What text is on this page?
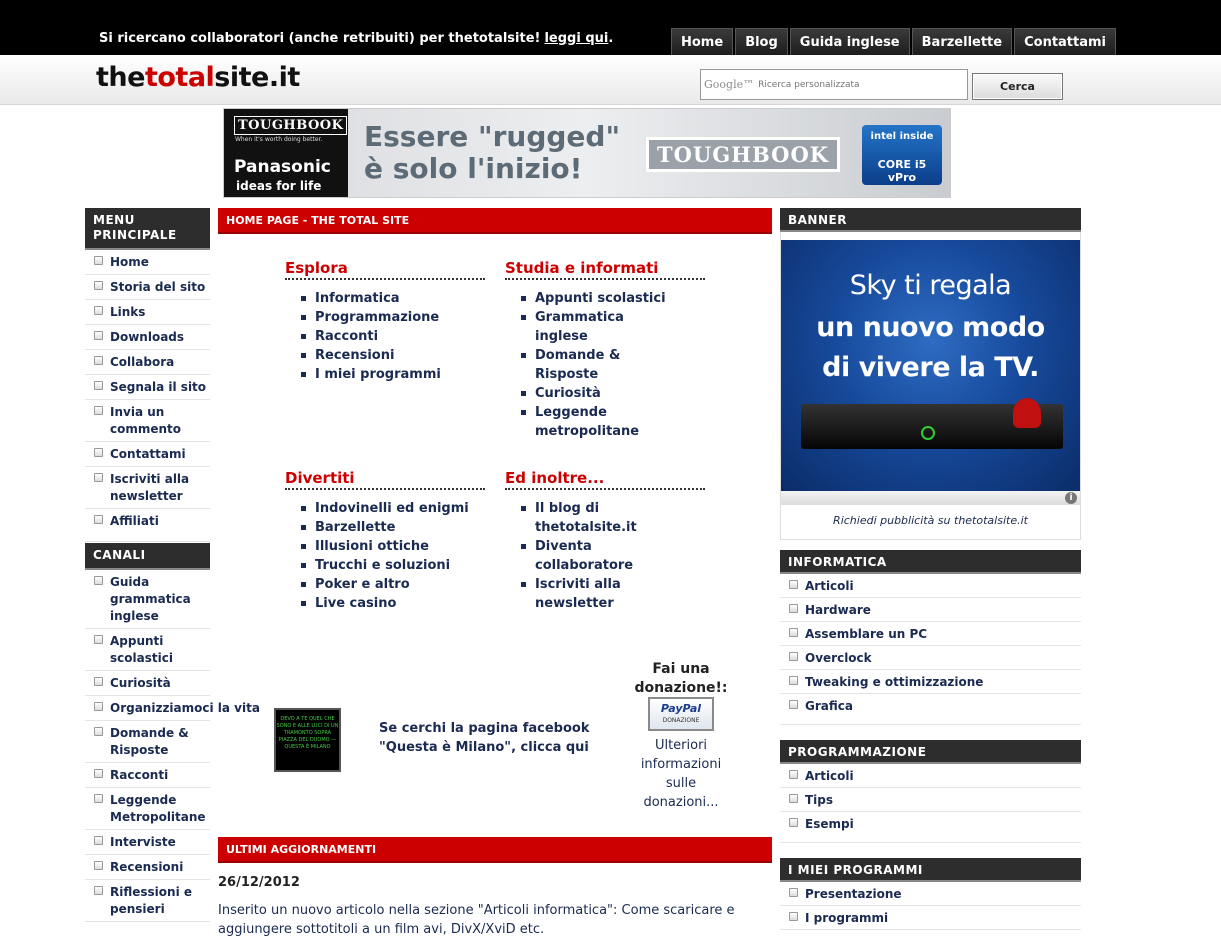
Si ricercano collaboratori (anche retribuiti) per thetotalsite! leggi qui.	Home	Blog	Guida inglese	Barzellette	Contattami
thetotalsite.it	Google™
Ricerca personalizzata	Cerca
TOUGHBOOK
When it's worth doing better.
Panasonic
ideas for life
Essere "rugged"
è solo l'inizio!	TOUGHBOOK
intel inside
CORE i5 vPro
MENU PRINCIPALE
Home
Storia del sito
Links
Downloads
Collabora
Segnala il sito
Invia un commento
Contattami
Iscriviti alla newsletter
Affiliati
CANALI
Guida grammatica inglese
Appunti scolastici
Curiosità
Organizziamoci la vita
Domande & Risposte
Racconti
Leggende Metropolitane
Interviste
Recensioni
Riflessioni e pensieri
HOME PAGE - THE TOTAL SITE
Esplora
Informatica
Programmazione
Racconti
Recensioni
I miei programmi
Studia e informati
Appunti scolastici
Grammatica inglese
Domande & Risposte
Curiosità
Leggende metropolitane
Divertiti
Indovinelli ed enigmi
Barzellette
Illusioni ottiche
Trucchi e soluzioni
Poker e altro
Live casino
Ed inoltre...
Il blog di thetotalsite.it
Diventa collaboratore
Iscriviti alla newsletter
DEVO A TE QUEL CHE SONO E ALLE LUCI DI UN TRAMONTO SOPRA PIAZZA DEL DUOMO — QUESTA È MILANO
Se cerchi la pagina facebook "Questa è Milano", clicca qui
Fai una donazione!:
PayPal
DONAZIONE
Ulteriori informazioni sulle donazioni...
ULTIMI AGGIORNAMENTI
26/12/2012
Inserito un nuovo articolo nella sezione "Articoli informatica": Come scaricare e aggiungere sottotitoli a un film avi, DivX/XviD etc.
BANNER
Sky ti regala
un nuovo modo
di vivere la TV.
i
Richiedi pubblicità su thetotalsite.it
INFORMATICA
Articoli
Hardware
Assemblare un PC
Overclock
Tweaking e ottimizzazione
Grafica
PROGRAMMAZIONE
Articoli
Tips
Esempi
I MIEI PROGRAMMI
Presentazione
I programmi
